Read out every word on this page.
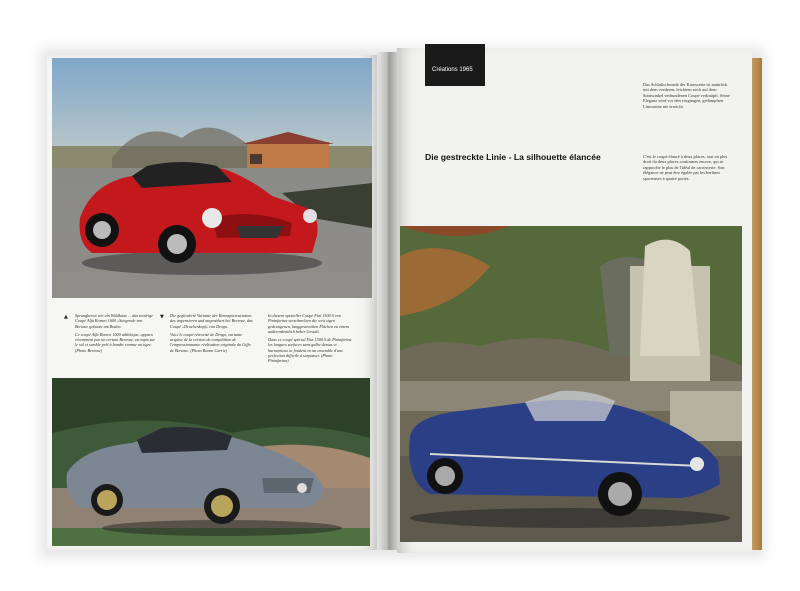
▲ Sprungbereit wie ein Wildkatze ... das niedrige Coupé Alfa Romeo 1600 «Stiegende von Bertone gebaute am Boden.

Ce coupé Alfa Romeo 1600 athlétique, apparu récemment par un certain Bertone, est tapis sur le sol et semble prêt à bondir comme un tigre. (Photo Bertone)

▼ Die gegliederte Variante der Rennsportvariation des impensieren und angenähert bei Bertone, das Coupé «Drachenkopf» von Drogo.

Voici le coupé rétrovisé de Drogo, variante acquise de la version de compétition de l'empressionnante réalisation originale du Giffo de Bertone. (Photo Bonne Carrie)

In diesem spezieller Coupé Fiat 1500 S von Pininfarina verschmelzen die weit sigen gedrungenen, langgestreckten Flächen zu einem außerordentlich hoher Gestalt.

Dans ce coupé spécial Fiat 1500 S de Pininfarina les longues surfaces sans galbe dessus et harmonieux se fondent en un ensemble d'une perfection difficile à surpasser. (Photo Pininfarina)

Créations 1965
Das Schlußschwunk der Karosserie ist natürlich mit dem vorderen, leichtem noch auf dem Startwinkel verbundenen Coupé verknüpft. Seine Eleganz wird vor den vorgängen, gedämpften Limousine nie erreicht.
Die gestreckte Linie - La silhouette élancée	C'est le coupé élancé à deux places, tout en plus droit du deux places conformes encore, qui se rapproche le plus de l'idéal de carrosserie. Son élégance ne peut être égalée par les berlines spacieuses à quatre portes.
